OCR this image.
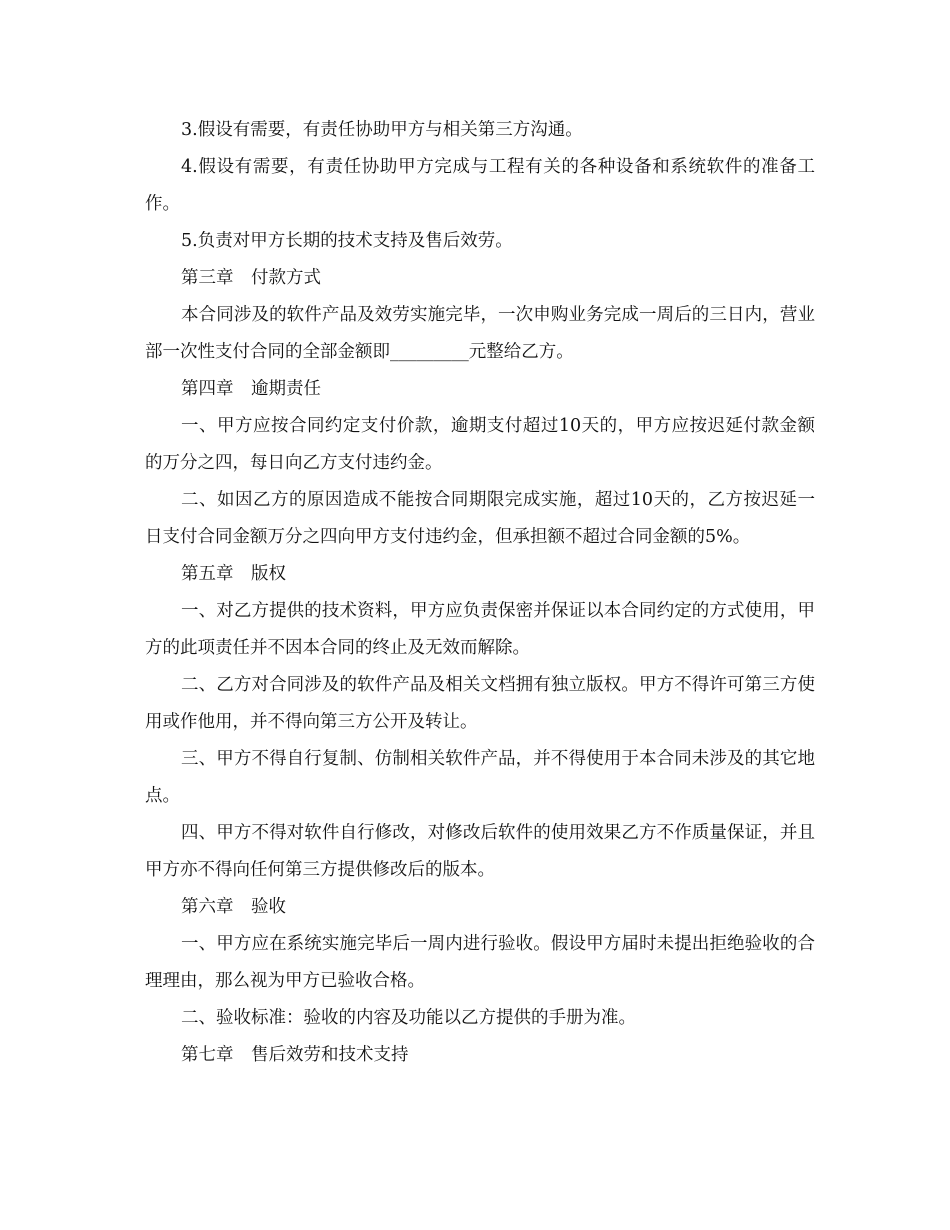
3.假设有需要，有责任协助甲方与相关第三方沟通。

4.假设有需要，有责任协助甲方完成与工程有关的各种设备和系统软件的准备工作。

5.负责对甲方长期的技术支持及售后效劳。

第三章　付款方式

本合同涉及的软件产品及效劳实施完毕，一次申购业务完成一周后的三日内，营业部一次性支付合同的全部金额即_________元整给乙方。

第四章　逾期责任

一、甲方应按合同约定支付价款，逾期支付超过10天的，甲方应按迟延付款金额的万分之四，每日向乙方支付违约金。

二、如因乙方的原因造成不能按合同期限完成实施，超过10天的，乙方按迟延一日支付合同金额万分之四向甲方支付违约金，但承担额不超过合同金额的5%。

第五章　版权

一、对乙方提供的技术资料，甲方应负责保密并保证以本合同约定的方式使用，甲方的此项责任并不因本合同的终止及无效而解除。

二、乙方对合同涉及的软件产品及相关文档拥有独立版权。甲方不得许可第三方使用或作他用，并不得向第三方公开及转让。

三、甲方不得自行复制、仿制相关软件产品，并不得使用于本合同未涉及的其它地点。

四、甲方不得对软件自行修改，对修改后软件的使用效果乙方不作质量保证，并且甲方亦不得向任何第三方提供修改后的版本。

第六章　验收

一、甲方应在系统实施完毕后一周内进行验收。假设甲方届时未提出拒绝验收的合理理由，那么视为甲方已验收合格。

二、验收标准：验收的内容及功能以乙方提供的手册为准。

第七章　售后效劳和技术支持
